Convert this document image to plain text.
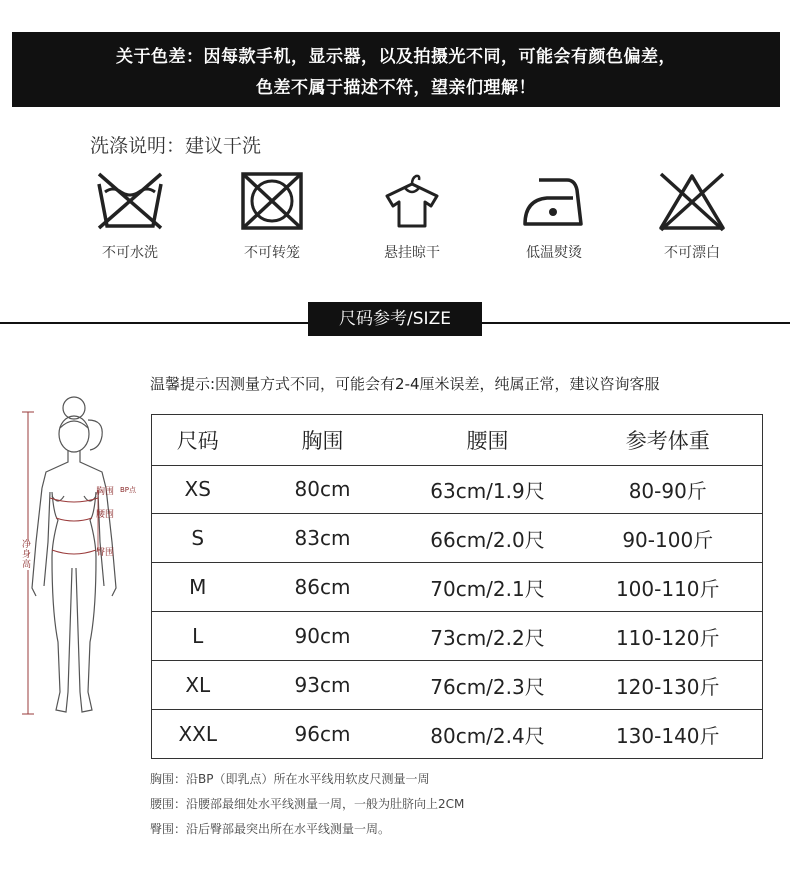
关于色差：因每款手机，显示器，以及拍摄光不同，可能会有颜色偏差，
色差不属于描述不符，望亲们理解！
洗涤说明：建议干洗
不可水洗	不可转笼	悬挂晾干	低温熨烫	不可漂白
尺码参考/SIZE
温馨提示:因测量方式不同，可能会有2-4厘米误差，纯属正常，建议咨询客服
胸围 BP点
腰围
臀围
净身高
尺码	胸围	腰围	参考体重
XS	80cm	63cm/1.9尺	80-90斤
S	83cm	66cm/2.0尺	90-100斤
M	86cm	70cm/2.1尺	100-110斤
L	90cm	73cm/2.2尺	110-120斤
XL	93cm	76cm/2.3尺	120-130斤
XXL	96cm	80cm/2.4尺	130-140斤
胸围：沿BP（即乳点）所在水平线用软皮尺测量一周
腰围：沿腰部最细处水平线测量一周，一般为肚脐向上2CM
臀围：沿后臀部最突出所在水平线测量一周。
